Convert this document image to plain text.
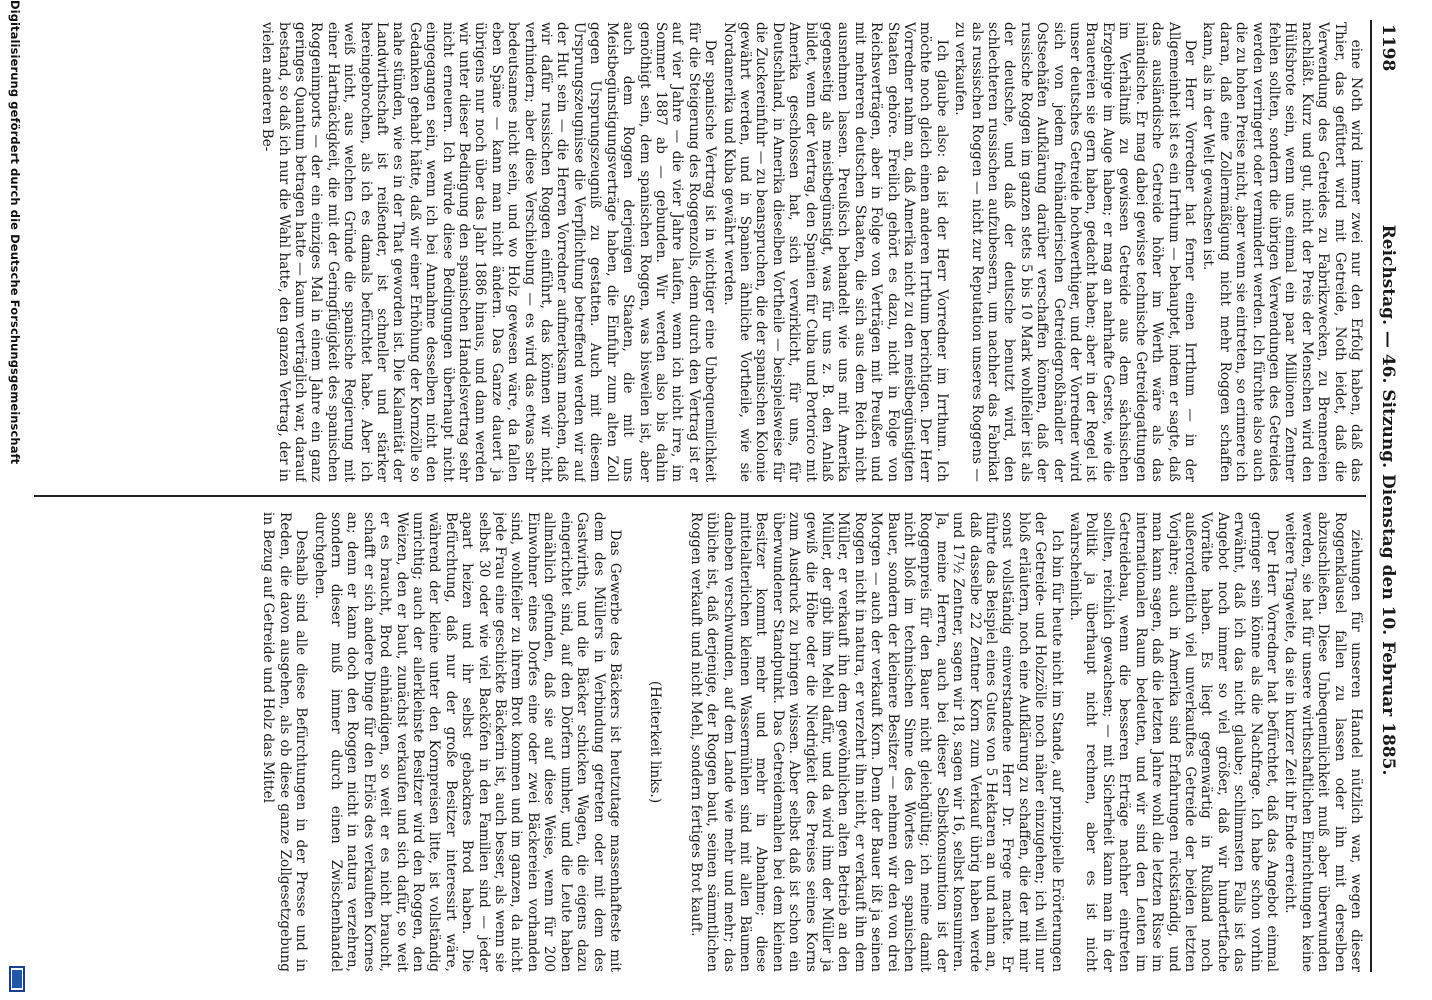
1198
Reichstag. — 46. Sitzung. Dienstag den 10. Februar 1885.

eine Noth wird immer zwei nur den Erfolg haben, daß das Thier, das gefüttert wird mit Getreide, Noth leidet, daß die Verwendung des Getreides zu Fabrikzwecken, zu Brennereien nachläßt. Kurz und gut, nicht der Preis der Menschen wird den Hülfsbrote sein, wenn uns einmal ein paar Millionen Zentner fehlen sollten, sondern die übrigen Verwendungen des Getreides werden verringert oder vermindert werden. Ich fürchte also auch die zu hohen Preise nicht, aber wenn sie eintreten, so erinnere ich daran, daß eine Zollermäßigung nicht mehr Roggen schaffen kann, als in der Welt gewachsen ist.

Der Herr Vorredner hat ferner einen Irrthum — in der Allgemeinheit ist es ein Irrthum — behauptet, indem er sagte, daß das ausländische Getreide höher im Werth wäre als das inländische. Er mag dabei gewisse technische Getreidegattungen im Verhältniß zu gewissen Getreide aus dem sächsischen Erzgebirge im Auge haben; er mag an nahrhafte Gerste, wie die Brauereien sie gern haben, gedacht haben; aber in der Regel ist unser deutsches Getreide hochwerthiger, und der Vorredner wird sich von jedem freihändlerischen Getreidegroßhändler der Ostseehäfen Aufklärung darüber verschaffen können, daß der russische Roggen im ganzen stets 5 bis 10 Mark wohlfeiler ist als der deutsche, und daß der deutsche benutzt wird, den schlechteren russischen aufzubessern, um nachher das Fabrikat als russischen Roggen — nicht zur Reputation unseres Roggens — zu verkaufen.

Ich glaube also: da ist der Herr Vorredner im Irrthum. Ich möchte noch gleich einen anderen Irrthum berichtigen. Der Herr Vorredner nahm an, daß Amerika nicht zu den meistbegünstigten Staaten gehöre. Freilich gehört es dazu, nicht in Folge von Reichsverträgen, aber in Folge von Verträgen mit Preußen und mit mehreren deutschen Staaten, die sich aus dem Reich nicht ausnehmen lassen. Preußisch behandelt wie uns mit Amerika gegenseitig als meistbegünstigt, was für uns z. B. den Anlaß bildet, wenn der Vertrag, den Spanien für Cuba und Portorico mit Amerika geschlossen hat, sich verwirklicht, für uns, für Deutschland, in Amerika dieselben Vortheile — beispielsweise für die Zuckereinfuhr — zu beanspruchen, die der spanischen Kolonie gewährt werden, und in Spanien ähnliche Vortheile, wie sie Nordamerika und Kuba gewährt werden.

Der spanische Vertrag ist in wichtiger eine Unbequemlichkeit für die Steigerung des Roggenzolls, denn durch den Vertrag ist er auf vier Jahre — die vier Jahre laufen, wenn ich nicht irre, im Sommer 1887 ab — gebunden. Wir werden also bis dahin genöthigt sein, dem spanischen Roggen, was bisweilen ist, aber auch dem Roggen derjenigen Staaten, die mit uns Meistbegünstigungsverträge haben, die Einfuhr zum alten Zoll gegen Ursprungszeugniß zu gestatten. Auch mit diesem Ursprungszeugnisse die Verpflichtung betreffend werden wir auf der Hut sein — die Herren Vorredner aufmerksam machen, daß wir dafür russischen Roggen einführt, das können wir nicht verhindern; aber diese Verschiebung — es wird das etwas sehr bedeutsames nicht sein, und wo Holz gewesen wäre, da fallen eben Späne — kann man nicht ändern. Das Ganze dauert ja übrigens nur noch über das Jahr 1886 hinaus, und dann werden wir unter dieser Bedingung den spanischen Handelsvertrag sehr nicht erneuern. Ich würde diese Bedingungen überhaupt nicht eingegangen sein, wenn ich bei Annahme desselben nicht den Gedanken gehabt hätte, daß wir einer Erhöhung der Kornzölle so nahe stünden, wie es in der That geworden ist. Die Kalamität der Landwirthschaft ist reißender, ist schneller und stärker hereingebrochen, als ich es damals befürchtet habe. Aber ich weiß nicht, aus welchen Gründe die spanische Regierung mit einer Hartnäckigkeit, die mit der Geringfügigkeit des spanischen Roggenimports — der ein einziges Mal in einem Jahre ein ganz geringes Quantum betragen hatte — kaum verträglich war, darauf bestand, so daß ich nur die Wahl hatte, den ganzen Vertrag, der in vielen anderen Be-

ziehungen für unseren Handel nützlich war, wegen dieser Roggenklausel fallen zu lassen oder ihn mit derselben abzuschließen. Diese Unbequemlichkeit muß aber überwunden werden, sie hat für unsere wirthschaftlichen Einrichtungen keine weitere Tragweite, da sie in kurzer Zeit ihr Ende erreicht.

Der Herr Vorredner hat befürchtet, daß das Angebot einmal geringer sein könne als die Nachfrage. Ich habe schon vorhin erwähnt, daß ich das nicht glaube; schlimmsten Falls ist das Angebot noch immer so viel größer, daß wir hundertfache Vorräthe haben. Es liegt gegenwärtig in Rußland noch außerordentlich viel unverkauftes Getreide der beiden letzten Vorjahre; auch in Amerika sind Erfahrungen rückständig, und man kann sagen, daß die letzten Jahre wohl die letzten Risse im internationalen Raum bedeuten, und wir sind den Leuten im Getreidebau, wenn die besseren Erträge nachher eintreten sollten, reichlich gewachsen; — mit Sicherheit kann man in der Politik ja überhaupt nicht rechnen, aber es ist nicht wahrscheinlich.

Ich bin für heute nicht im Stande, auf prinzipielle Erörterungen der Getreide- und Holzzölle noch näher einzugehen; ich will nur bloß erläutern, noch eine Aufklärung zu schaffen, die der mit mir sonst vollständig einverstandene Herr Dr. Frege machte. Er führte das Beispiel eines Gutes von 5 Hektaren an und nahm an, daß dasselbe 22 Zentner Korn zum Verkauf übrig haben werde und 17½ Zentner, sagen wir 18, sagen wir 16, selbst konsumiren. Ja, meine Herren, auch bei dieser Selbstkonsumtion ist der Roggenpreis für den Bauer nicht gleichgültig; ich meine damit nicht bloß im technischen Sinne des Wortes den spanischen Bauer, sondern der kleinere Besitzer — nehmen wir den von drei Morgen — auch der verkauft Korn. Denn der Bauer ißt ja seinen Roggen nicht in natura, er verzehrt ihn nicht, er verkauft ihn dem Müller, er verkauft ihn dem gewöhnlichen alten Betrieb an den Müller, der gibt ihm Mehl dafür, und da wird ihm der Müller ja gewiß die Höhe oder die Niedrigkeit des Preises seines Korns zum Ausdruck zu bringen wissen. Aber selbst daß ist schon ein überwundener Standpunkt. Das Getreidemahlen bei dem kleinen Besitzer kommt mehr und mehr in Abnahme; diese mittelalterlichen kleinen Wassermühlen sind mit allen Bäumen daneben verschwunden, auf dem Lande wie mehr und mehr; das übliche ist, daß derjenige, der Roggen baut, seinen sämmtlichen Roggen verkauft und nicht Mehl, sondern fertiges Brot kauft.

(Heiterkeit links.)

Das Gewerbe des Bäckers ist heutzutage massenhafteste mit dem des Müllers in Verbindung getreten oder mit dem des Gastwirths, und die Bäcker schicken Wagen, die eigens dazu eingerichtet sind, auf den Dörfern umher, und die Leute haben allmählich gefunden, daß sie auf diese Weise, wenn für 200 Einwohner eines Dorfes eine oder zwei Bäckereien vorhanden sind, wohlfeiler zu ihrem Brot kommen und im ganzen, da nicht jede Frau eine geschickte Bäckerin ist, auch besser, als wenn sie selbst 30 oder wie viel Backöfen in den Familien sind — jeder apart heizen und ihr selbst gebacknes Brod haben. Die Befürchtung, daß nur der große Besitzer interessirt wäre, während der kleine unter den Kornpreisen litte, ist vollständig unrichtig; auch der allerkleinste Besitzer wird den Roggen, den Weizen, den er baut, zunächst verkaufen und sich dafür, so weit er es braucht, Brod einhändigen, so weit er es nicht braucht, schafft er sich andere Dinge für den Erlös des verkauften Kornes an; denn er kann doch den Roggen nicht in natura verzehren, sondern dieser muß immer durch einen Zwischenhandel durchgehen.

Deshalb sind alle diese Befürchtungen in der Presse und in Reden, die davon ausgehen, als ob diese ganze Zollgesetzgebung in Bezug auf Getreide und Holz das Mittel

Digitalisierung gefördert durch die Deutsche Forschungsgemeinschaft
